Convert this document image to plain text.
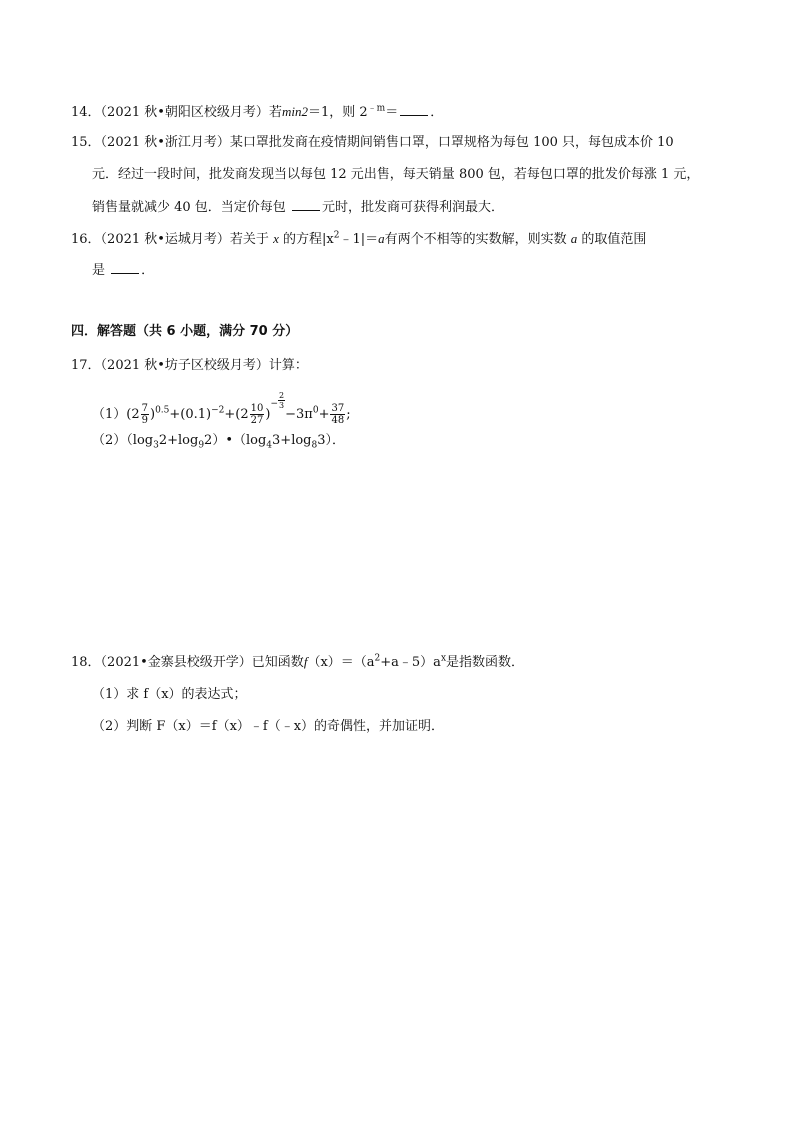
14．（2021 秋•朝阳区校级月考）若min2＝1，则 $2^{﹣m}=$ ．
15．（2021 秋•浙江月考）某口罩批发商在疫情期间销售口罩，口罩规格为每包 100 只，每包成本价 10
元．经过一段时间，批发商发现当以每包 12 元出售，每天销量 800 包，若每包口罩的批发价每涨 1 元，
销售量就减少 40 包．当定价每包 元时，批发商可获得利润最大．
16．（2021 秋•运城月考）若关于 x 的方程$|x^2﹣1|=a$有两个不相等的实数解，则实数 a 的取值范围
是 ．
四．解答题（共 6 小题，满分 70 分）
17．（2021 秋•坊子区校级月考）计算：
$(1)(2 \frac{7}{9} )^{0.5}+(0.1)^{-2}+(2 \frac{10}{27} )^- \frac{2}{3}$
$-3\pi^0+ \frac{37}{48}$ ;
$(2)(\log_32+\log_92)•(\log_43+\log_83)$．
18．（2021•金寨县校级开学）已知函数$f(x)=(a^2+a﹣5)a^x$是指数函数．
（1）求 f（x）的表达式；
（2）判断 F（x）＝f（x）﹣f（﹣x）的奇偶性，并加证明．
